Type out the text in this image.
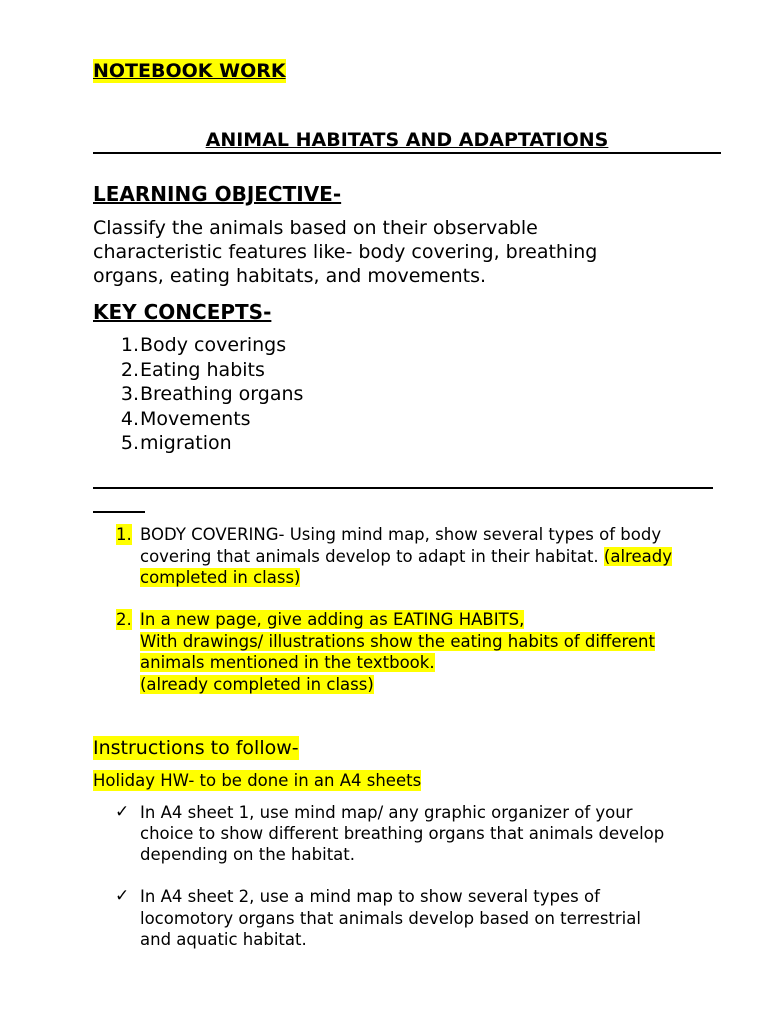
NOTEBOOK WORK
ANIMAL HABITATS AND ADAPTATIONS
LEARNING OBJECTIVE-
Classify the animals based on their observable
characteristic features like- body covering, breathing
organs, eating habitats, and movements.
KEY CONCEPTS-
1.Body coverings
2.Eating habits
3.Breathing organs
4.Movements
5.migration
1. BODY COVERING- Using mind map, show several types of body
covering that animals develop to adapt in their habitat. (already
completed in class)
2. In a new page, give adding as EATING HABITS,
With drawings/ illustrations show the eating habits of different
animals mentioned in the textbook.
(already completed in class)
Instructions to follow-
Holiday HW- to be done in an A4 sheets
✓ In A4 sheet 1, use mind map/ any graphic organizer of your
choice to show different breathing organs that animals develop
depending on the habitat.
✓ In A4 sheet 2, use a mind map to show several types of
locomotory organs that animals develop based on terrestrial
and aquatic habitat.
